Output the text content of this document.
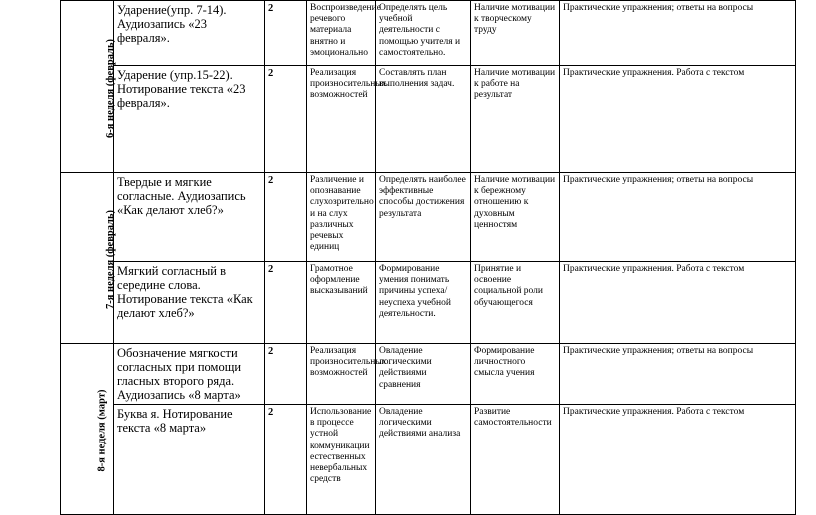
6-я неделя (февраль)	Ударение(упр. 7-14). Аудиозапись «23 февраля».	2	Воспроизведение речевого материала внятно и эмоционально	Определять цель учебной деятельности с помощью учителя и самостоятельно.	Наличие мотивации к творческому труду	Практические упражнения; ответы на вопросы
	Ударение (упр.15-22). Нотирование текста «23 февраля».	2	Реализация произносительных возможностей	Составлять план выполнения задач.	Наличие мотивации к работе на результат	Практические упражнения. Работа с текстом
7-я неделя (февраль)	Твердые и мягкие согласные. Аудиозапись «Как делают хлеб?»	2	Различение и опознавание слухозрительно и на слух различных речевых единиц	Определять наиболее эффективные способы достижения результата	Наличие мотивации к бережному отношению к духовным ценностям	Практические упражнения; ответы на вопросы
	Мягкий согласный в середине слова. Нотирование текста «Как делают хлеб?»	2	Грамотное оформление высказываний	Формирование умения понимать причины успеха/неуспеха учебной деятельности.	Принятие и освоение социальной роли обучающегося	Практические упражнения. Работа с текстом
8-я неделя (март)	Обозначение мягкости согласных при помощи гласных второго ряда. Аудиозапись «8 марта»	2	Реализация произносительных возможностей	Овладение логическими действиями сравнения	Формирование личностного смысла учения	Практические упражнения; ответы на вопросы
	Буква я. Нотирование текста «8 марта»	2	Использование в процессе устной коммуникации естественных невербальных средств	Овладение логическими действиями анализа	Развитие самостоятельности	Практические упражнения. Работа с текстом
